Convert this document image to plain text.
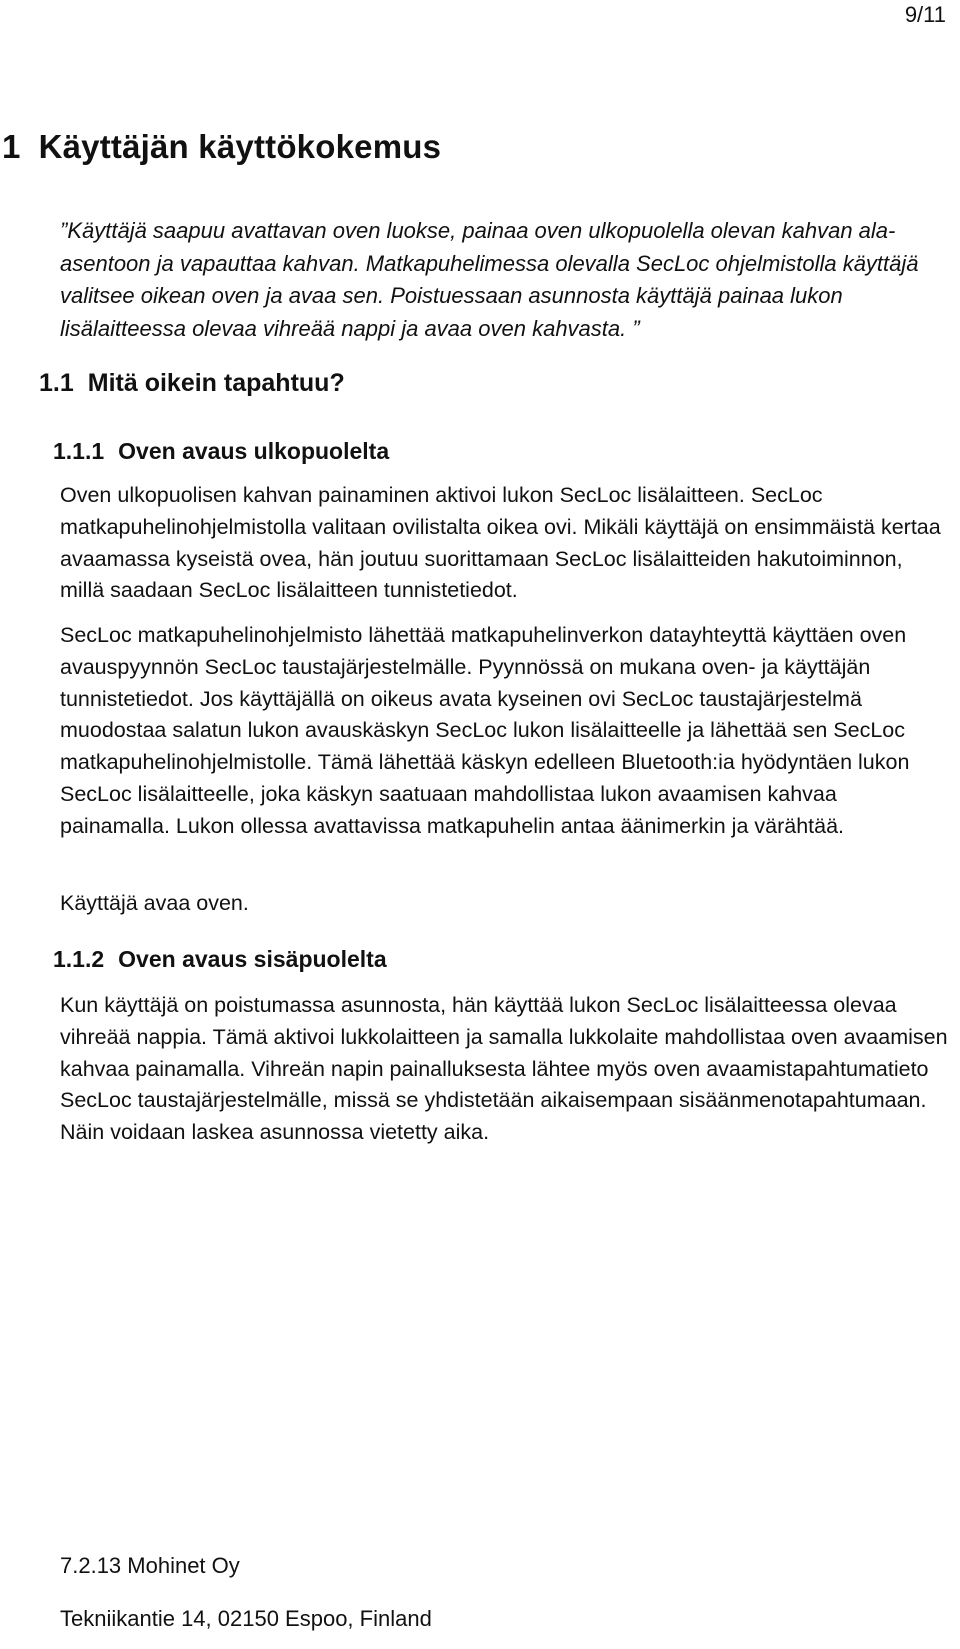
9/11
1 Käyttäjän käyttökokemus

”Käyttäjä saapuu avattavan oven luokse, painaa oven ulkopuolella olevan kahvan ala-asentoon ja vapauttaa kahvan. Matkapuhelimessa olevalla SecLoc ohjelmistolla käyttäjä valitsee oikean oven ja avaa sen. Poistuessaan asunnosta käyttäjä painaa lukon lisälaitteessa olevaa vihreää nappi ja avaa oven kahvasta. ”

1.1 Mitä oikein tapahtuu?
1.1.1 Oven avaus ulkopuolelta

Oven ulkopuolisen kahvan painaminen aktivoi lukon SecLoc lisälaitteen. SecLoc matkapuhelinohjelmistolla valitaan ovilistalta oikea ovi. Mikäli käyttäjä on ensimmäistä kertaa avaamassa kyseistä ovea, hän joutuu suorittamaan SecLoc lisälaitteiden hakutoiminnon, millä saadaan SecLoc lisälaitteen tunnistetiedot.

SecLoc matkapuhelinohjelmisto lähettää matkapuhelinverkon datayhteyttä käyttäen oven avauspyynnön SecLoc taustajärjestelmälle. Pyynnössä on mukana oven- ja käyttäjän tunnistetiedot. Jos käyttäjällä on oikeus avata kyseinen ovi SecLoc taustajärjestelmä muodostaa salatun lukon avauskäskyn SecLoc lukon lisälaitteelle ja lähettää sen SecLoc matkapuhelinohjelmistolle. Tämä lähettää käskyn edelleen Bluetooth:ia hyödyntäen lukon SecLoc lisälaitteelle, joka käskyn saatuaan mahdollistaa lukon avaamisen kahvaa painamalla. Lukon ollessa avattavissa matkapuhelin antaa äänimerkin ja värähtää.

Käyttäjä avaa oven.

1.1.2 Oven avaus sisäpuolelta

Kun käyttäjä on poistumassa asunnosta, hän käyttää lukon SecLoc lisälaitteessa olevaa vihreää nappia. Tämä aktivoi lukkolaitteen ja samalla lukkolaite mahdollistaa oven avaamisen kahvaa painamalla. Vihreän napin painalluksesta lähtee myös oven avaamistapahtumatieto SecLoc taustajärjestelmälle, missä se yhdistetään aikaisempaan sisäänmenotapahtumaan. Näin voidaan laskea asunnossa vietetty aika.

7.2.13 Mohinet Oy
Tekniikantie 14, 02150 Espoo, Finland
